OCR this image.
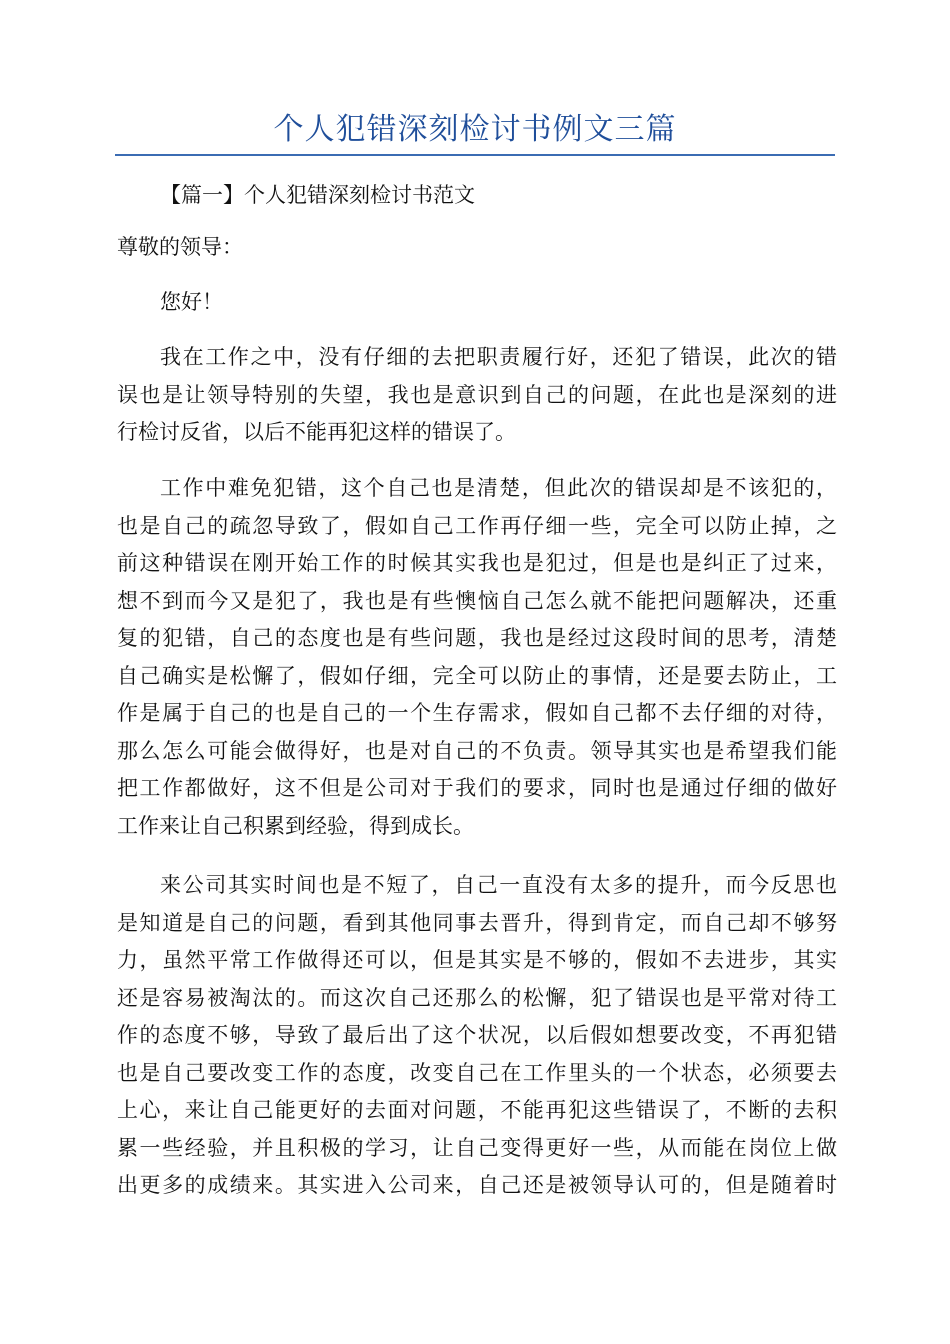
个人犯错深刻检讨书例文三篇

【篇一】个人犯错深刻检讨书范文

尊敬的领导：

您好！

我在工作之中，没有仔细的去把职责履行好，还犯了错误，此次的错
误也是让领导特别的失望，我也是意识到自己的问题，在此也是深刻的进
行检讨反省，以后不能再犯这样的错误了。
工作中难免犯错，这个自己也是清楚，但此次的错误却是不该犯的，
也是自己的疏忽导致了，假如自己工作再仔细一些，完全可以防止掉，之
前这种错误在刚开始工作的时候其实我也是犯过，但是也是纠正了过来，
想不到而今又是犯了，我也是有些懊恼自己怎么就不能把问题解决，还重
复的犯错，自己的态度也是有些问题，我也是经过这段时间的思考，清楚
自己确实是松懈了，假如仔细，完全可以防止的事情，还是要去防止，工
作是属于自己的也是自己的一个生存需求，假如自己都不去仔细的对待，
那么怎么可能会做得好，也是对自己的不负责。领导其实也是希望我们能
把工作都做好，这不但是公司对于我们的要求，同时也是通过仔细的做好
工作来让自己积累到经验，得到成长。
来公司其实时间也是不短了，自己一直没有太多的提升，而今反思也
是知道是自己的问题，看到其他同事去晋升，得到肯定，而自己却不够努
力，虽然平常工作做得还可以，但是其实是不够的，假如不去进步，其实
还是容易被淘汰的。而这次自己还那么的松懈，犯了错误也是平常对待工
作的态度不够，导致了最后出了这个状况，以后假如想要改变，不再犯错
也是自己要改变工作的态度，改变自己在工作里头的一个状态，必须要去
上心，来让自己能更好的去面对问题，不能再犯这些错误了，不断的去积
累一些经验，并且积极的学习，让自己变得更好一些，从而能在岗位上做
出更多的成绩来。其实进入公司来，自己还是被领导认可的，但是随着时
